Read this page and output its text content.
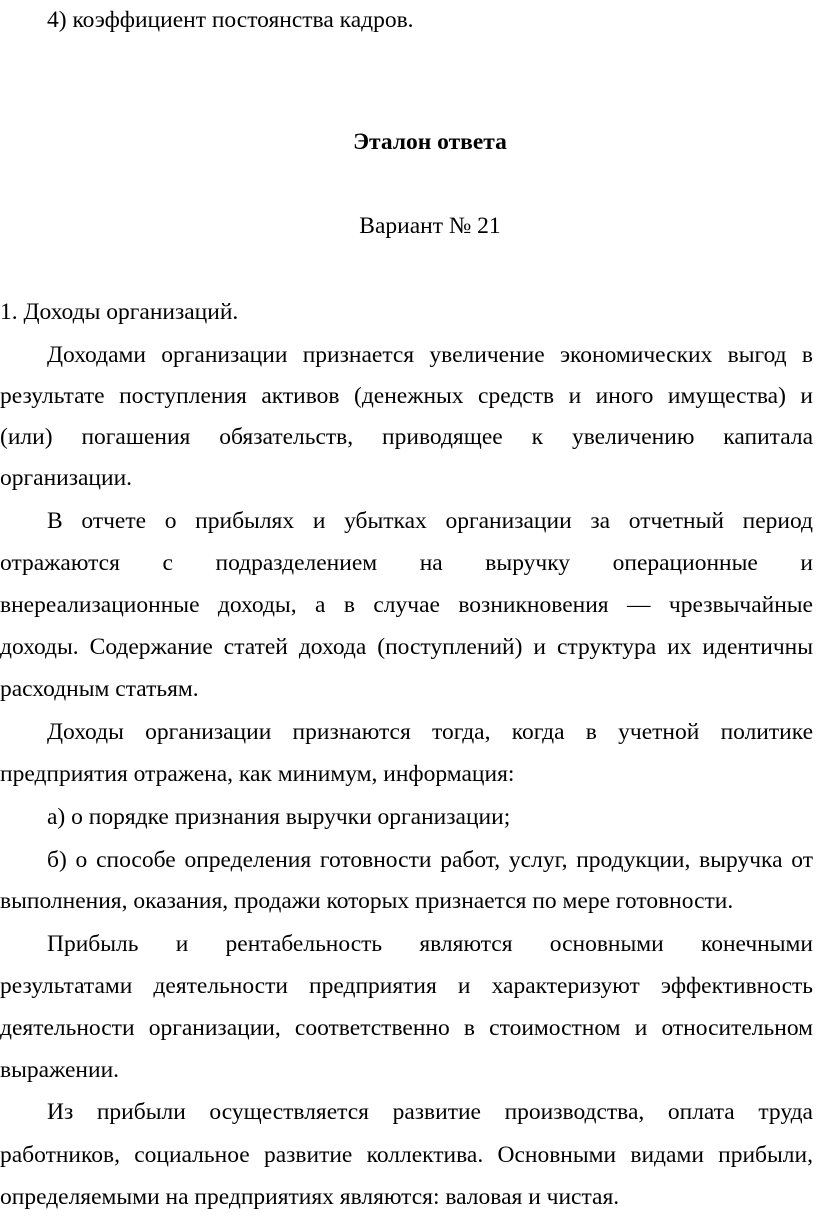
4) коэффициент постоянства кадров.
Эталон ответа
Вариант № 21
1. Доходы организаций.
Доходами организации признается увеличение экономических выгод в
результате поступления активов (денежных средств и иного имущества) и
(или) погашения обязательств, приводящее к увеличению капитала
организации.
В отчете о прибылях и убытках организации за отчетный период
отражаются с подразделением на выручку операционные и
внереализационные доходы, а в случае возникновения — чрезвычайные
доходы. Содержание статей дохода (поступлений) и структура их идентичны
расходным статьям.
Доходы организации признаются тогда, когда в учетной политике
предприятия отражена, как минимум, информация:
а) о порядке признания выручки организации;
б) о способе определения готовности работ, услуг, продукции, выручка от
выполнения, оказания, продажи которых признается по мере готовности.
Прибыль и рентабельность являются основными конечными
результатами деятельности предприятия и характеризуют эффективность
деятельности организации, соответственно в стоимостном и относительном
выражении.
Из прибыли осуществляется развитие производства, оплата труда
работников, социальное развитие коллектива. Основными видами прибыли,
определяемыми на предприятиях являются: валовая и чистая.
